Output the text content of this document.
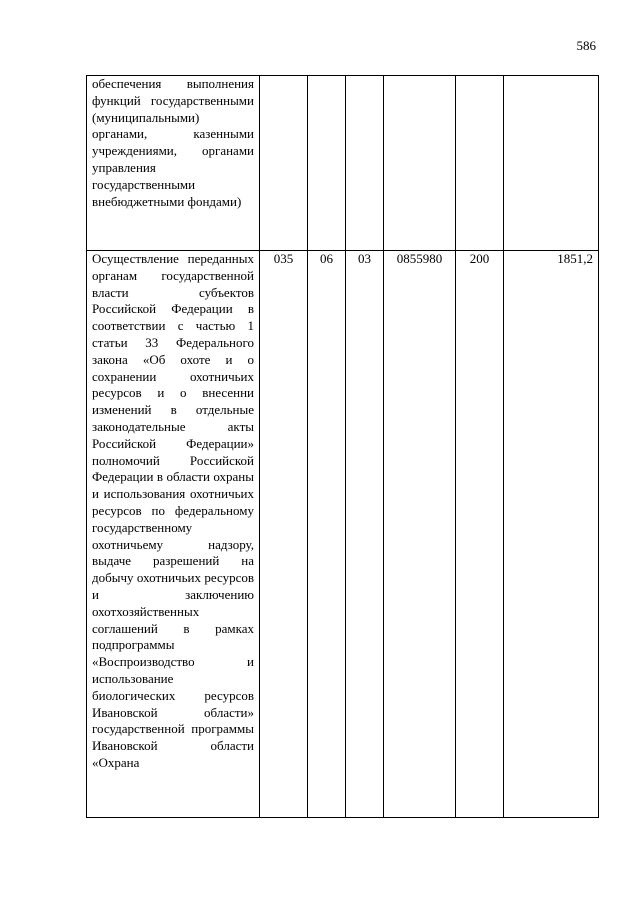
586
обеспечения выполнения функций государственными (муниципальными) органами, казенными учреждениями, органами управления государственными внебюджетными фондами)						
Осуществление переданных органам государственной власти субъектов Российской Федерации в соответствии с частью 1 статьи 33 Федерального закона «Об охоте и о сохранении охотничьих ресурсов и о внесенни изменений в отдельные законодательные акты Российской Федерации» полномочий Российской Федерации в области охраны и использования охотничьих ресурсов по федеральному государственному охотничьему надзору, выдаче разрешений на добычу охотничьих ресурсов и заключению охотхозяйственных соглашений в рамках подпрограммы «Воспроизводство и использование биологических ресурсов Ивановской области» государственной программы Ивановской области «Охрана	035	06	03	0855980	200	1851,2
